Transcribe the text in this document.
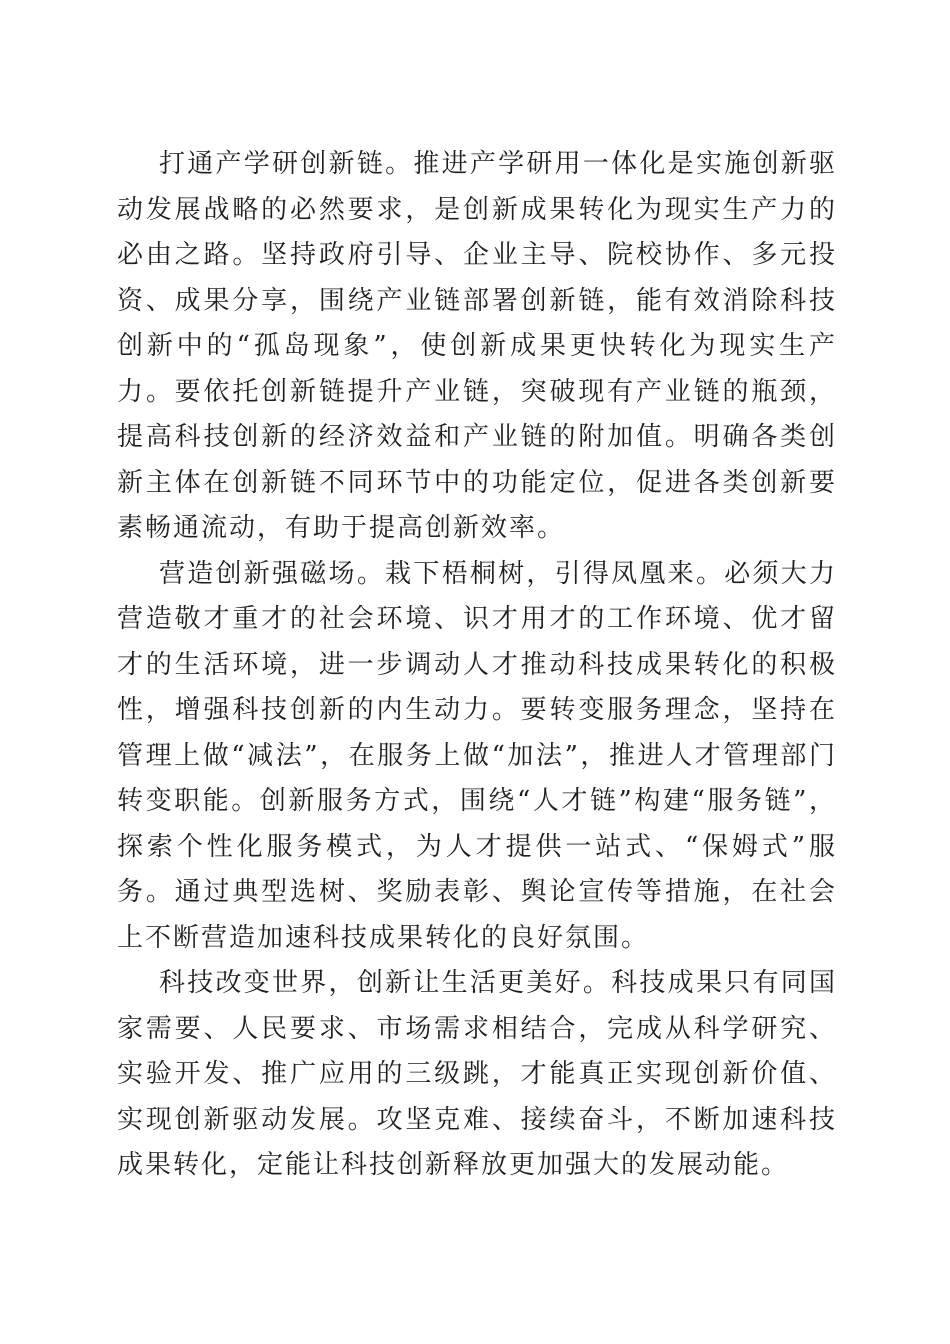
打通产学研创新链。推进产学研用一体化是实施创新驱动发展战略的必然要求，是创新成果转化为现实生产力的必由之路。坚持政府引导、企业主导、院校协作、多元投资、成果分享，围绕产业链部署创新链，能有效消除科技创新中的“孤岛现象”，使创新成果更快转化为现实生产力。要依托创新链提升产业链，突破现有产业链的瓶颈，提高科技创新的经济效益和产业链的附加值。明确各类创新主体在创新链不同环节中的功能定位，促进各类创新要素畅通流动，有助于提高创新效率。

营造创新强磁场。栽下梧桐树，引得凤凰来。必须大力营造敬才重才的社会环境、识才用才的工作环境、优才留才的生活环境，进一步调动人才推动科技成果转化的积极性，增强科技创新的内生动力。要转变服务理念，坚持在管理上做“减法”，在服务上做“加法”，推进人才管理部门转变职能。创新服务方式，围绕“人才链”构建“服务链”，探索个性化服务模式，为人才提供一站式、“保姆式”服务。通过典型选树、奖励表彰、舆论宣传等措施，在社会上不断营造加速科技成果转化的良好氛围。

科技改变世界，创新让生活更美好。科技成果只有同国家需要、人民要求、市场需求相结合，完成从科学研究、实验开发、推广应用的三级跳，才能真正实现创新价值、实现创新驱动发展。攻坚克难、接续奋斗，不断加速科技成果转化，定能让科技创新释放更加强大的发展动能。
